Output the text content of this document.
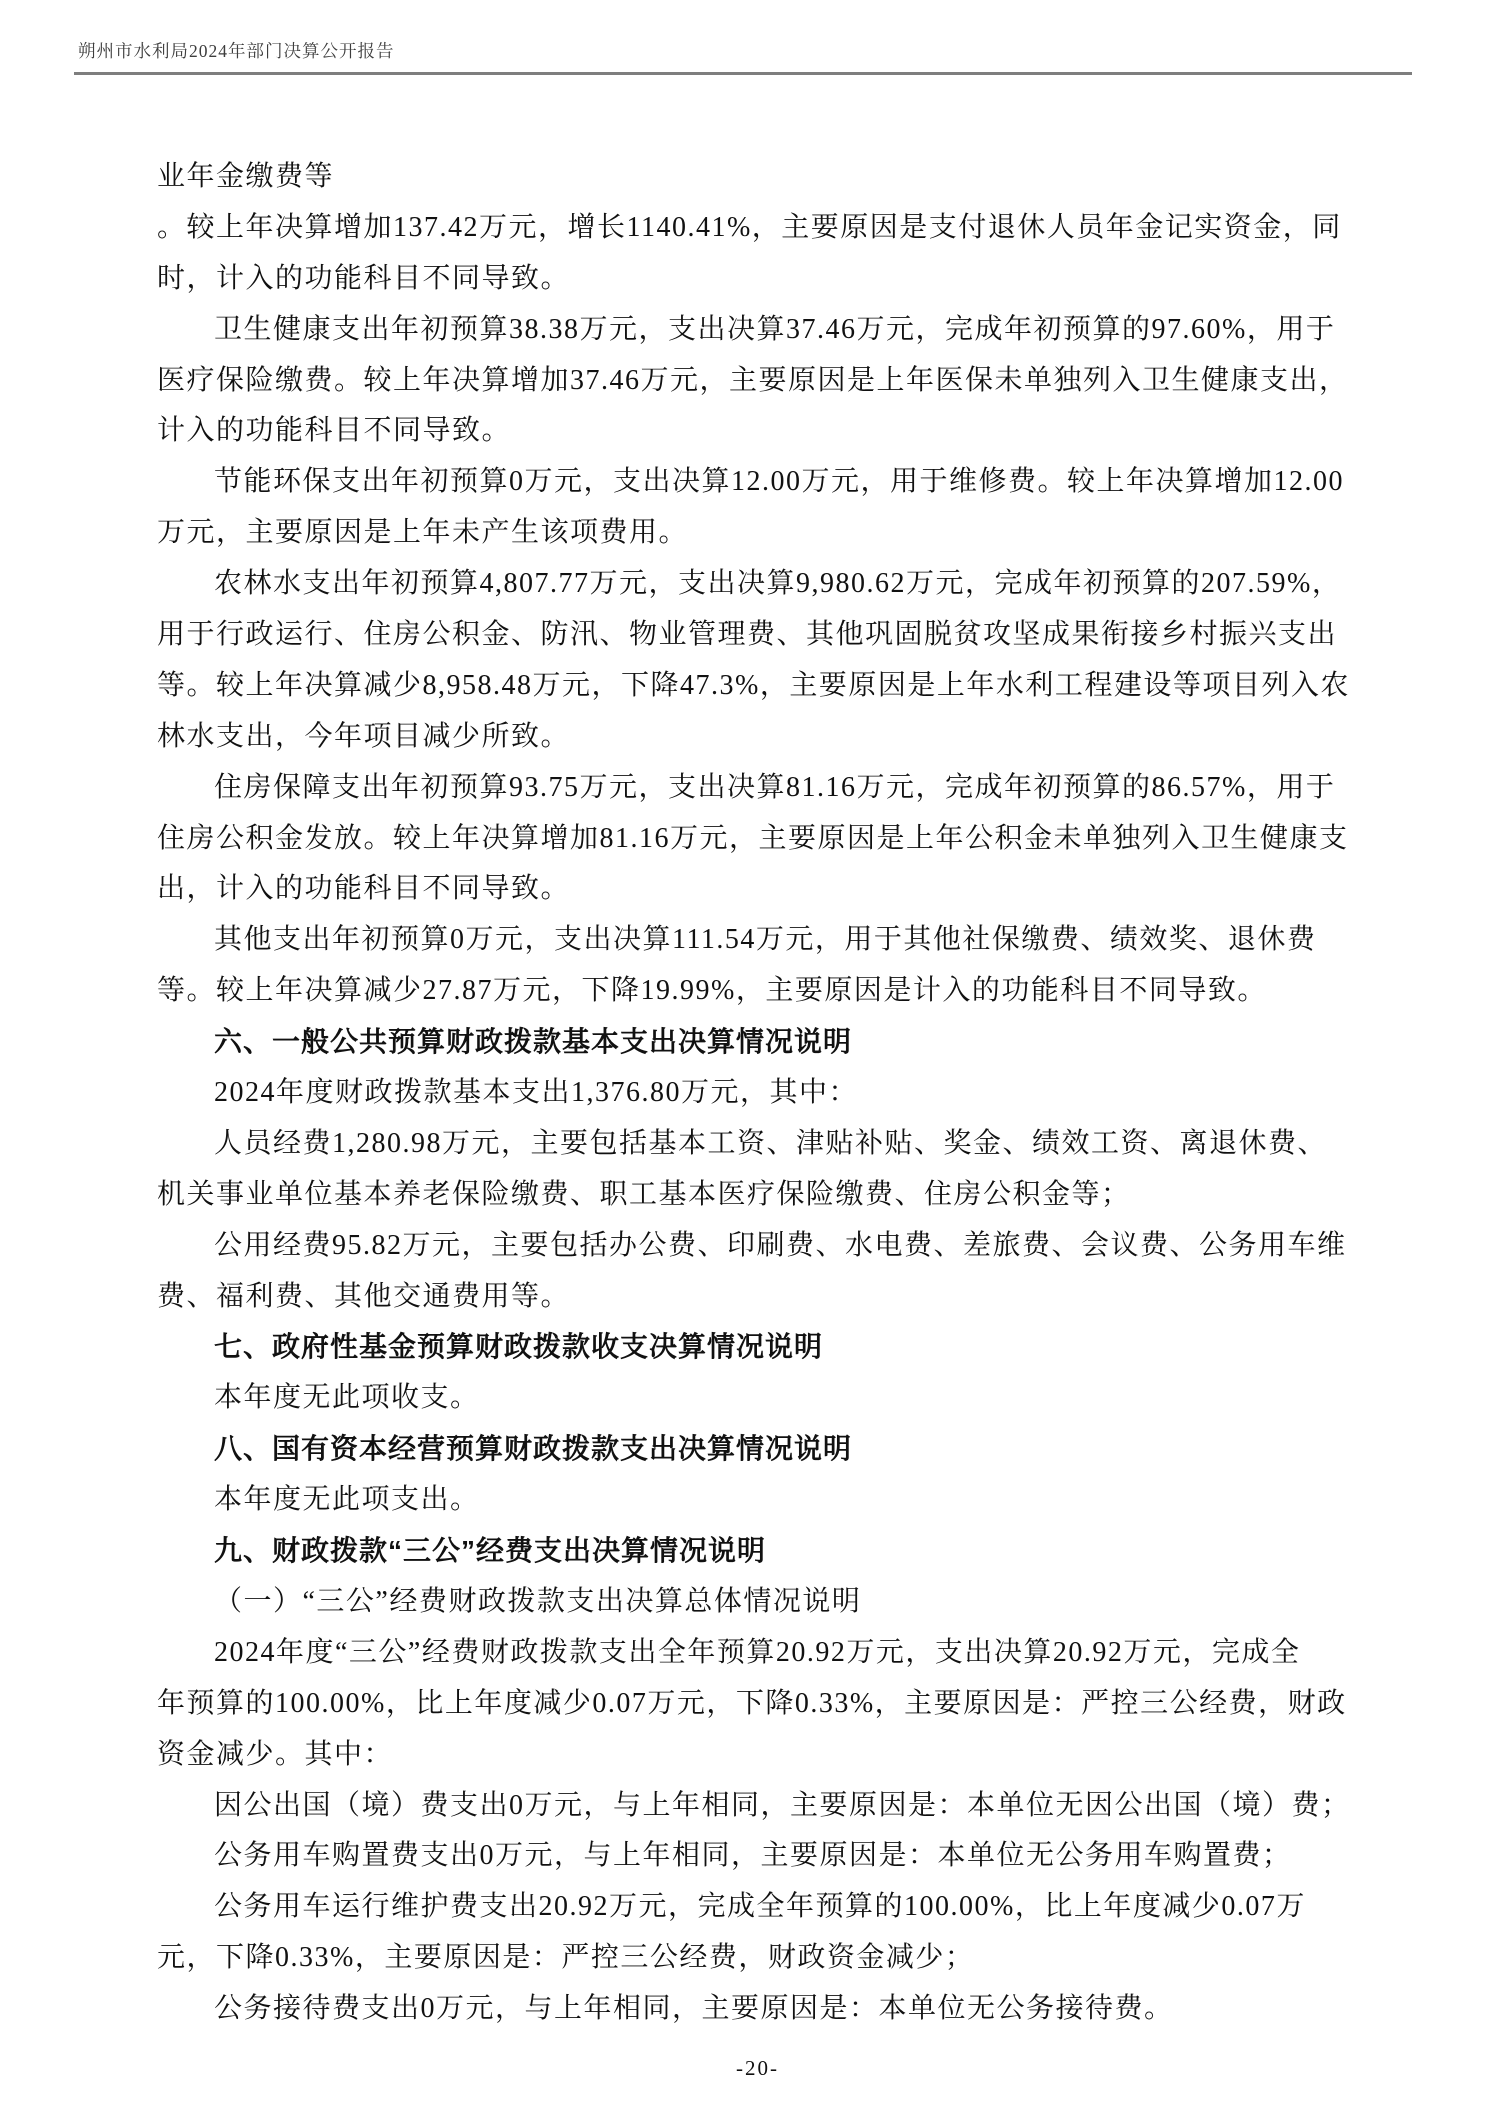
朔州市水利局2024年部门决算公开报告
业年金缴费等
。较上年决算增加137.42万元，增长1140.41%，主要原因是支付退休人员年金记实资金，同
时，计入的功能科目不同导致。
卫生健康支出年初预算38.38万元，支出决算37.46万元，完成年初预算的97.60%，用于
医疗保险缴费。较上年决算增加37.46万元，主要原因是上年医保未单独列入卫生健康支出，
计入的功能科目不同导致。
节能环保支出年初预算0万元，支出决算12.00万元，用于维修费。较上年决算增加12.00
万元，主要原因是上年未产生该项费用。
农林水支出年初预算4,807.77万元，支出决算9,980.62万元，完成年初预算的207.59%，
用于行政运行、住房公积金、防汛、物业管理费、其他巩固脱贫攻坚成果衔接乡村振兴支出
等。较上年决算减少8,958.48万元，下降47.3%，主要原因是上年水利工程建设等项目列入农
林水支出，今年项目减少所致。
住房保障支出年初预算93.75万元，支出决算81.16万元，完成年初预算的86.57%，用于
住房公积金发放。较上年决算增加81.16万元，主要原因是上年公积金未单独列入卫生健康支
出，计入的功能科目不同导致。
其他支出年初预算0万元，支出决算111.54万元，用于其他社保缴费、绩效奖、退休费
等。较上年决算减少27.87万元，下降19.99%，主要原因是计入的功能科目不同导致。
六、一般公共预算财政拨款基本支出决算情况说明
2024年度财政拨款基本支出1,376.80万元，其中：
人员经费1,280.98万元，主要包括基本工资、津贴补贴、奖金、绩效工资、离退休费、
机关事业单位基本养老保险缴费、职工基本医疗保险缴费、住房公积金等；
公用经费95.82万元，主要包括办公费、印刷费、水电费、差旅费、会议费、公务用车维
费、福利费、其他交通费用等。
七、政府性基金预算财政拨款收支决算情况说明
本年度无此项收支。
八、国有资本经营预算财政拨款支出决算情况说明
本年度无此项支出。
九、财政拨款“三公”经费支出决算情况说明
（一）“三公”经费财政拨款支出决算总体情况说明
2024年度“三公”经费财政拨款支出全年预算20.92万元，支出决算20.92万元，完成全
年预算的100.00%，比上年度减少0.07万元，下降0.33%，主要原因是：严控三公经费，财政
资金减少。其中：
因公出国（境）费支出0万元，与上年相同，主要原因是：本单位无因公出国（境）费；
公务用车购置费支出0万元，与上年相同，主要原因是：本单位无公务用车购置费；
公务用车运行维护费支出20.92万元，完成全年预算的100.00%，比上年度减少0.07万
元，下降0.33%，主要原因是：严控三公经费，财政资金减少；
公务接待费支出0万元，与上年相同，主要原因是：本单位无公务接待费。
-20-
